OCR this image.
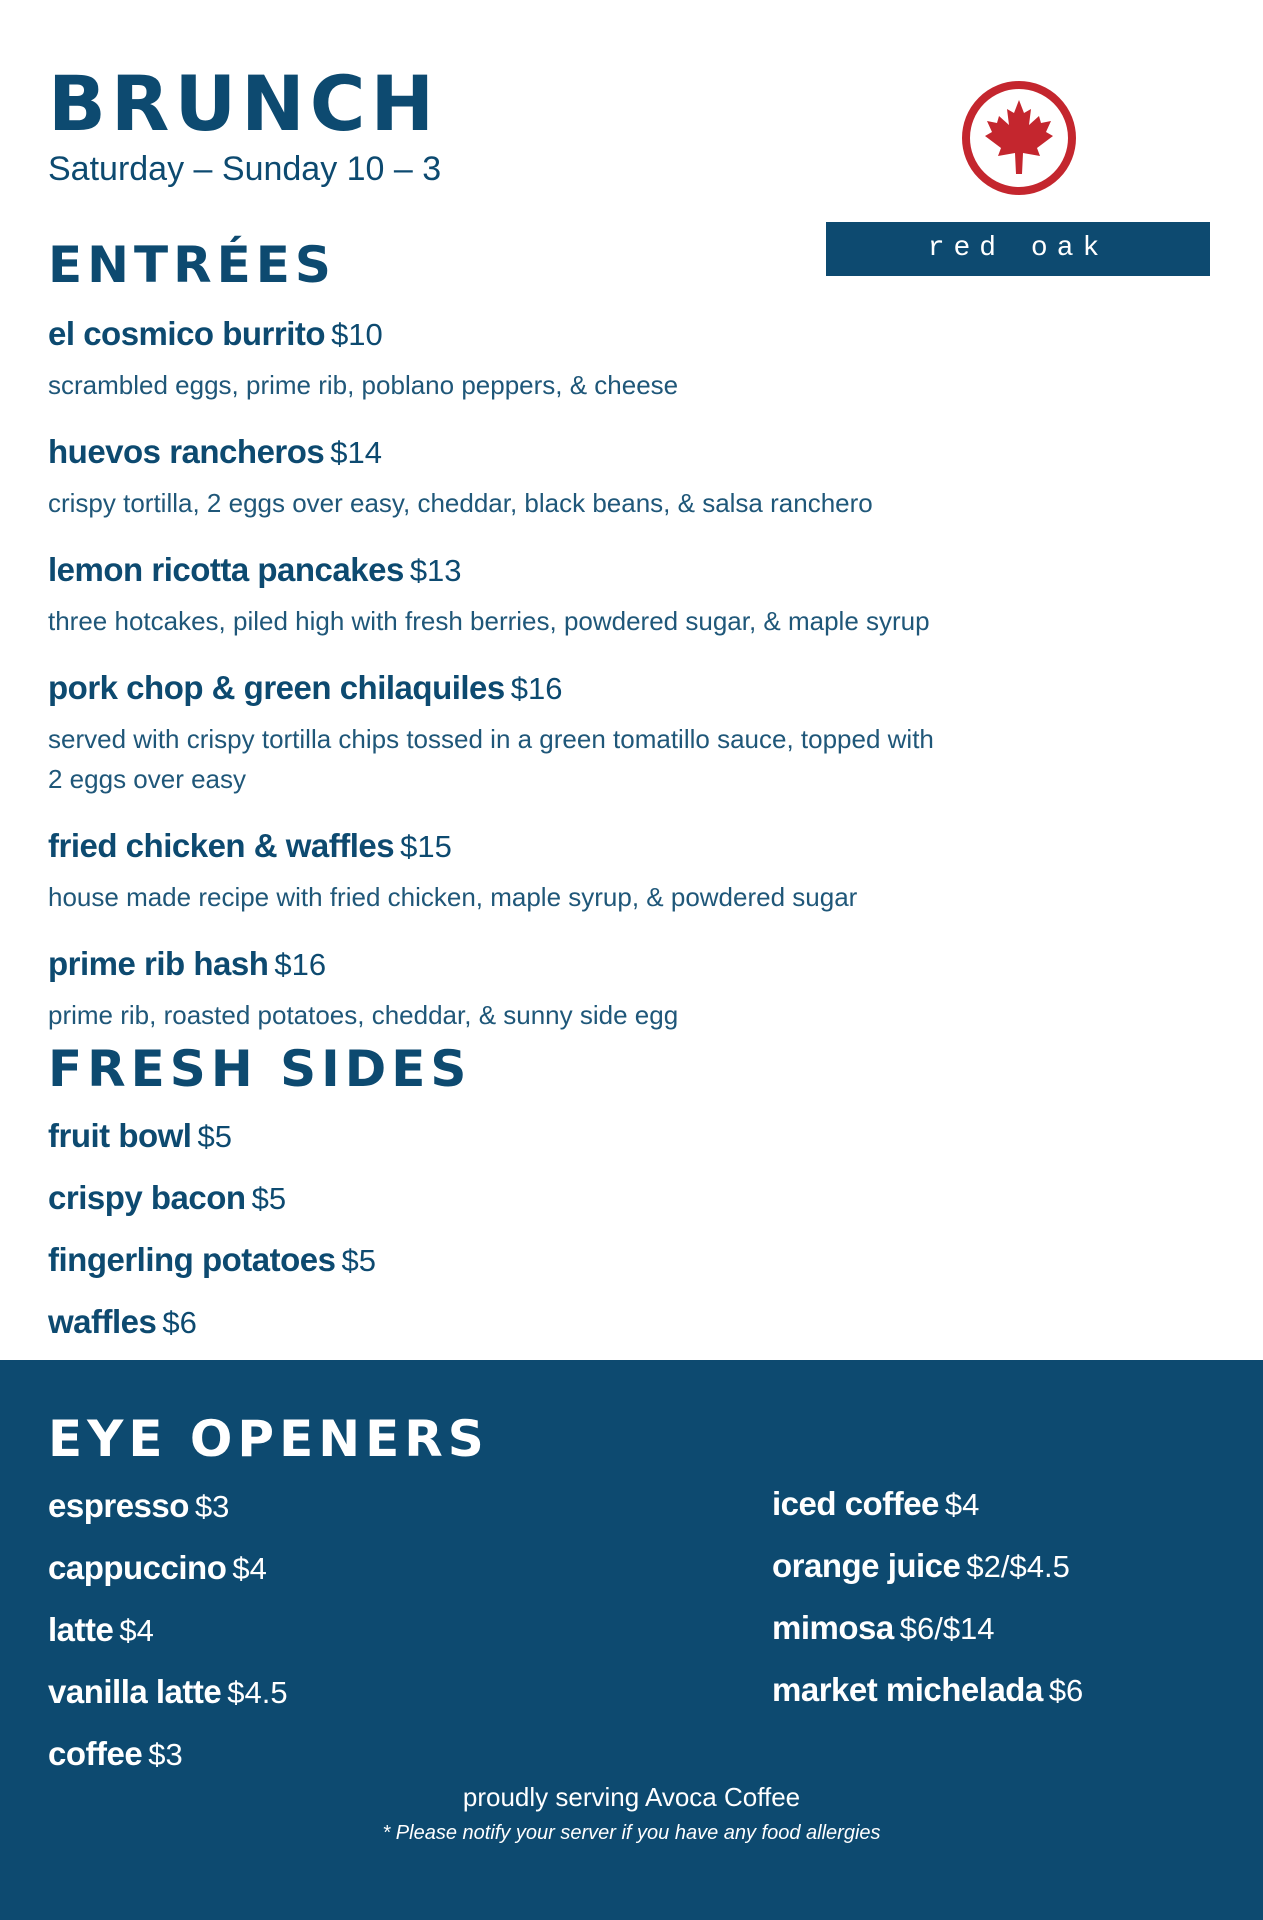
BRUNCH
Saturday – Sunday 10 – 3
red oak kitchen
ENTRÉES
el cosmico burrito $10
scrambled eggs, prime rib, poblano peppers, & cheese
huevos rancheros $14
crispy tortilla, 2 eggs over easy, cheddar, black beans, & salsa ranchero
lemon ricotta pancakes $13
three hotcakes, piled high with fresh berries, powdered sugar, & maple syrup
pork chop & green chilaquiles $16
served with crispy tortilla chips tossed in a green tomatillo sauce, topped with
2 eggs over easy
fried chicken & waffles $15
house made recipe with fried chicken, maple syrup, & powdered sugar
prime rib hash $16
prime rib, roasted potatoes, cheddar, & sunny side egg
FRESH SIDES
fruit bowl $5
crispy bacon $5
fingerling potatoes $5
waffles $6
EYE OPENERS
espresso $3
cappuccino $4
latte $4
vanilla latte $4.5
coffee $3
iced coffee $4
orange juice $2/$4.5
mimosa $6/$14
market michelada $6
proudly serving Avoca Coffee
* Please notify your server if you have any food allergies
